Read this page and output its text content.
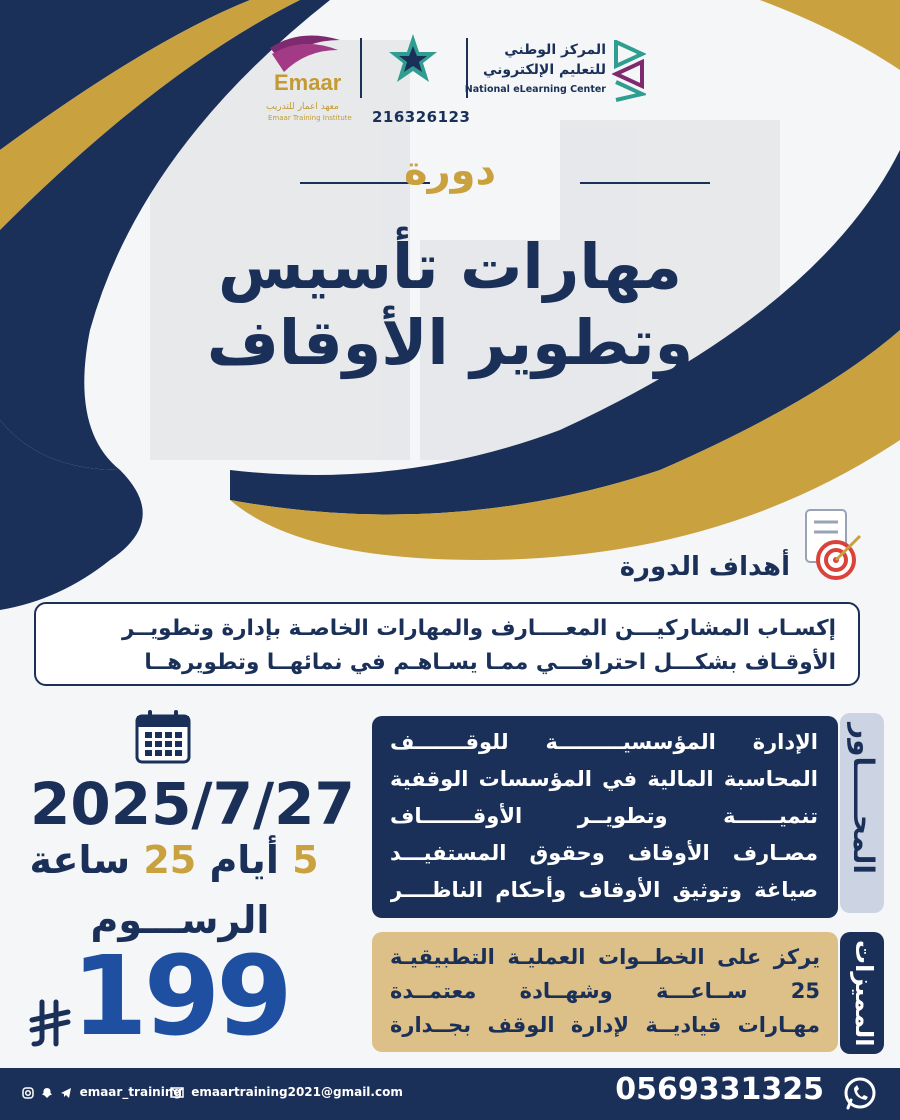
Emaar
معهد اعمار للتدريب
Emaar Training Institute 216326123
المركز الوطني
للتعليم الإلكتروني
National eLearning Center
دورة
مهارات تأسيس
وتطوير الأوقاف
أهداف الدورة
إكسـاب المشاركيـــن المعــــارف والمهارات الخاصـة بإدارة وتطويــر
الأوقـاف بشكـــل احترافـــي ممـا يسـاهـم في نمائهــا وتطويرهــا
المحـــــاور
الإدارة المؤسسيـــــــــة للوقـــــــف
المحاسبة المالية في المؤسسات الوقفية
تنميــــــة وتطويــر الأوقـــــــاف
مصـارف الأوقاف وحقوق المستفيـــد
صياغة وتوثيق الأوقاف وأحكام الناظــــر
المميزات
يركز على الخطــوات العمليـة التطبيقيـة
25 ســاعـــة وشهــادة معتمــدة
مهـارات قياديــة لإدارة الوقف بجــدارة
2025/7/27
5 أيام 25 ساعة
الرســـوم
199
emaar_training emaartraining2021@gmail.com	0569331325
